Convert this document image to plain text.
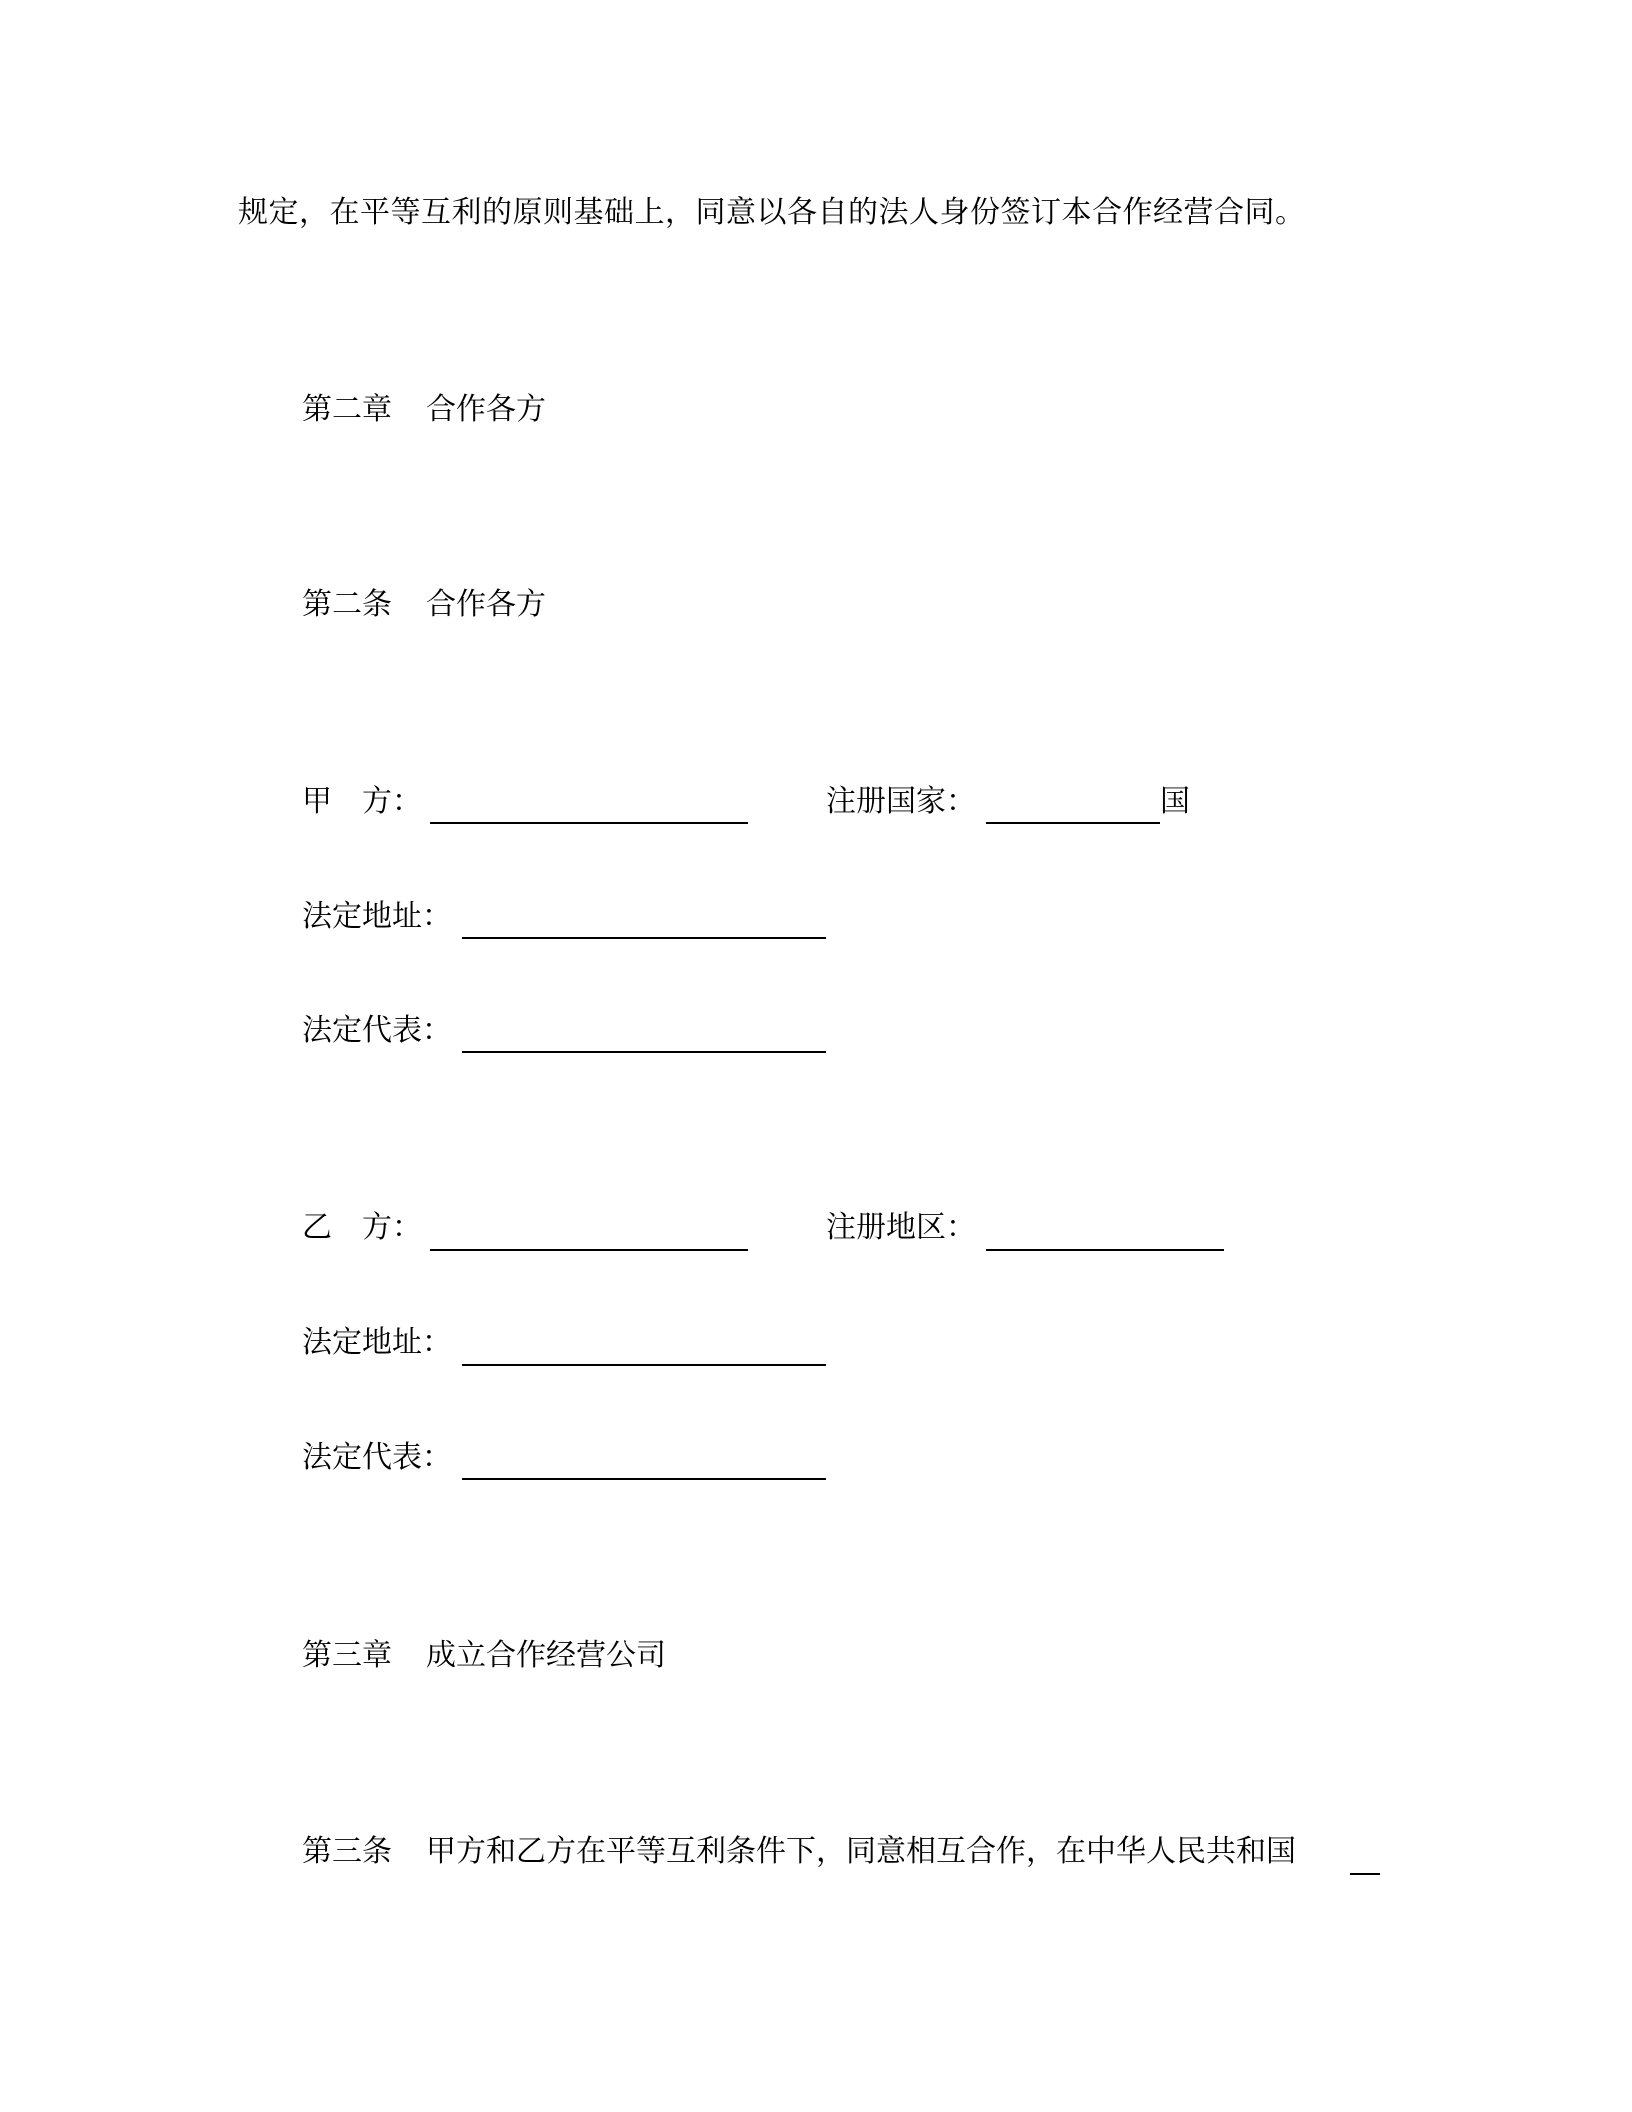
规定，在平等互利的原则基础上，同意以各自的法人身份签订本合作经营合同。
第二章 合作各方
第二条 合作各方
甲　方：	注册国家：	国
法定地址：
法定代表：
乙　方：	注册地区：
法定地址：
法定代表：
第三章 成立合作经营公司
第三条 甲方和乙方在平等互利条件下，同意相互合作，在中华人民共和国
